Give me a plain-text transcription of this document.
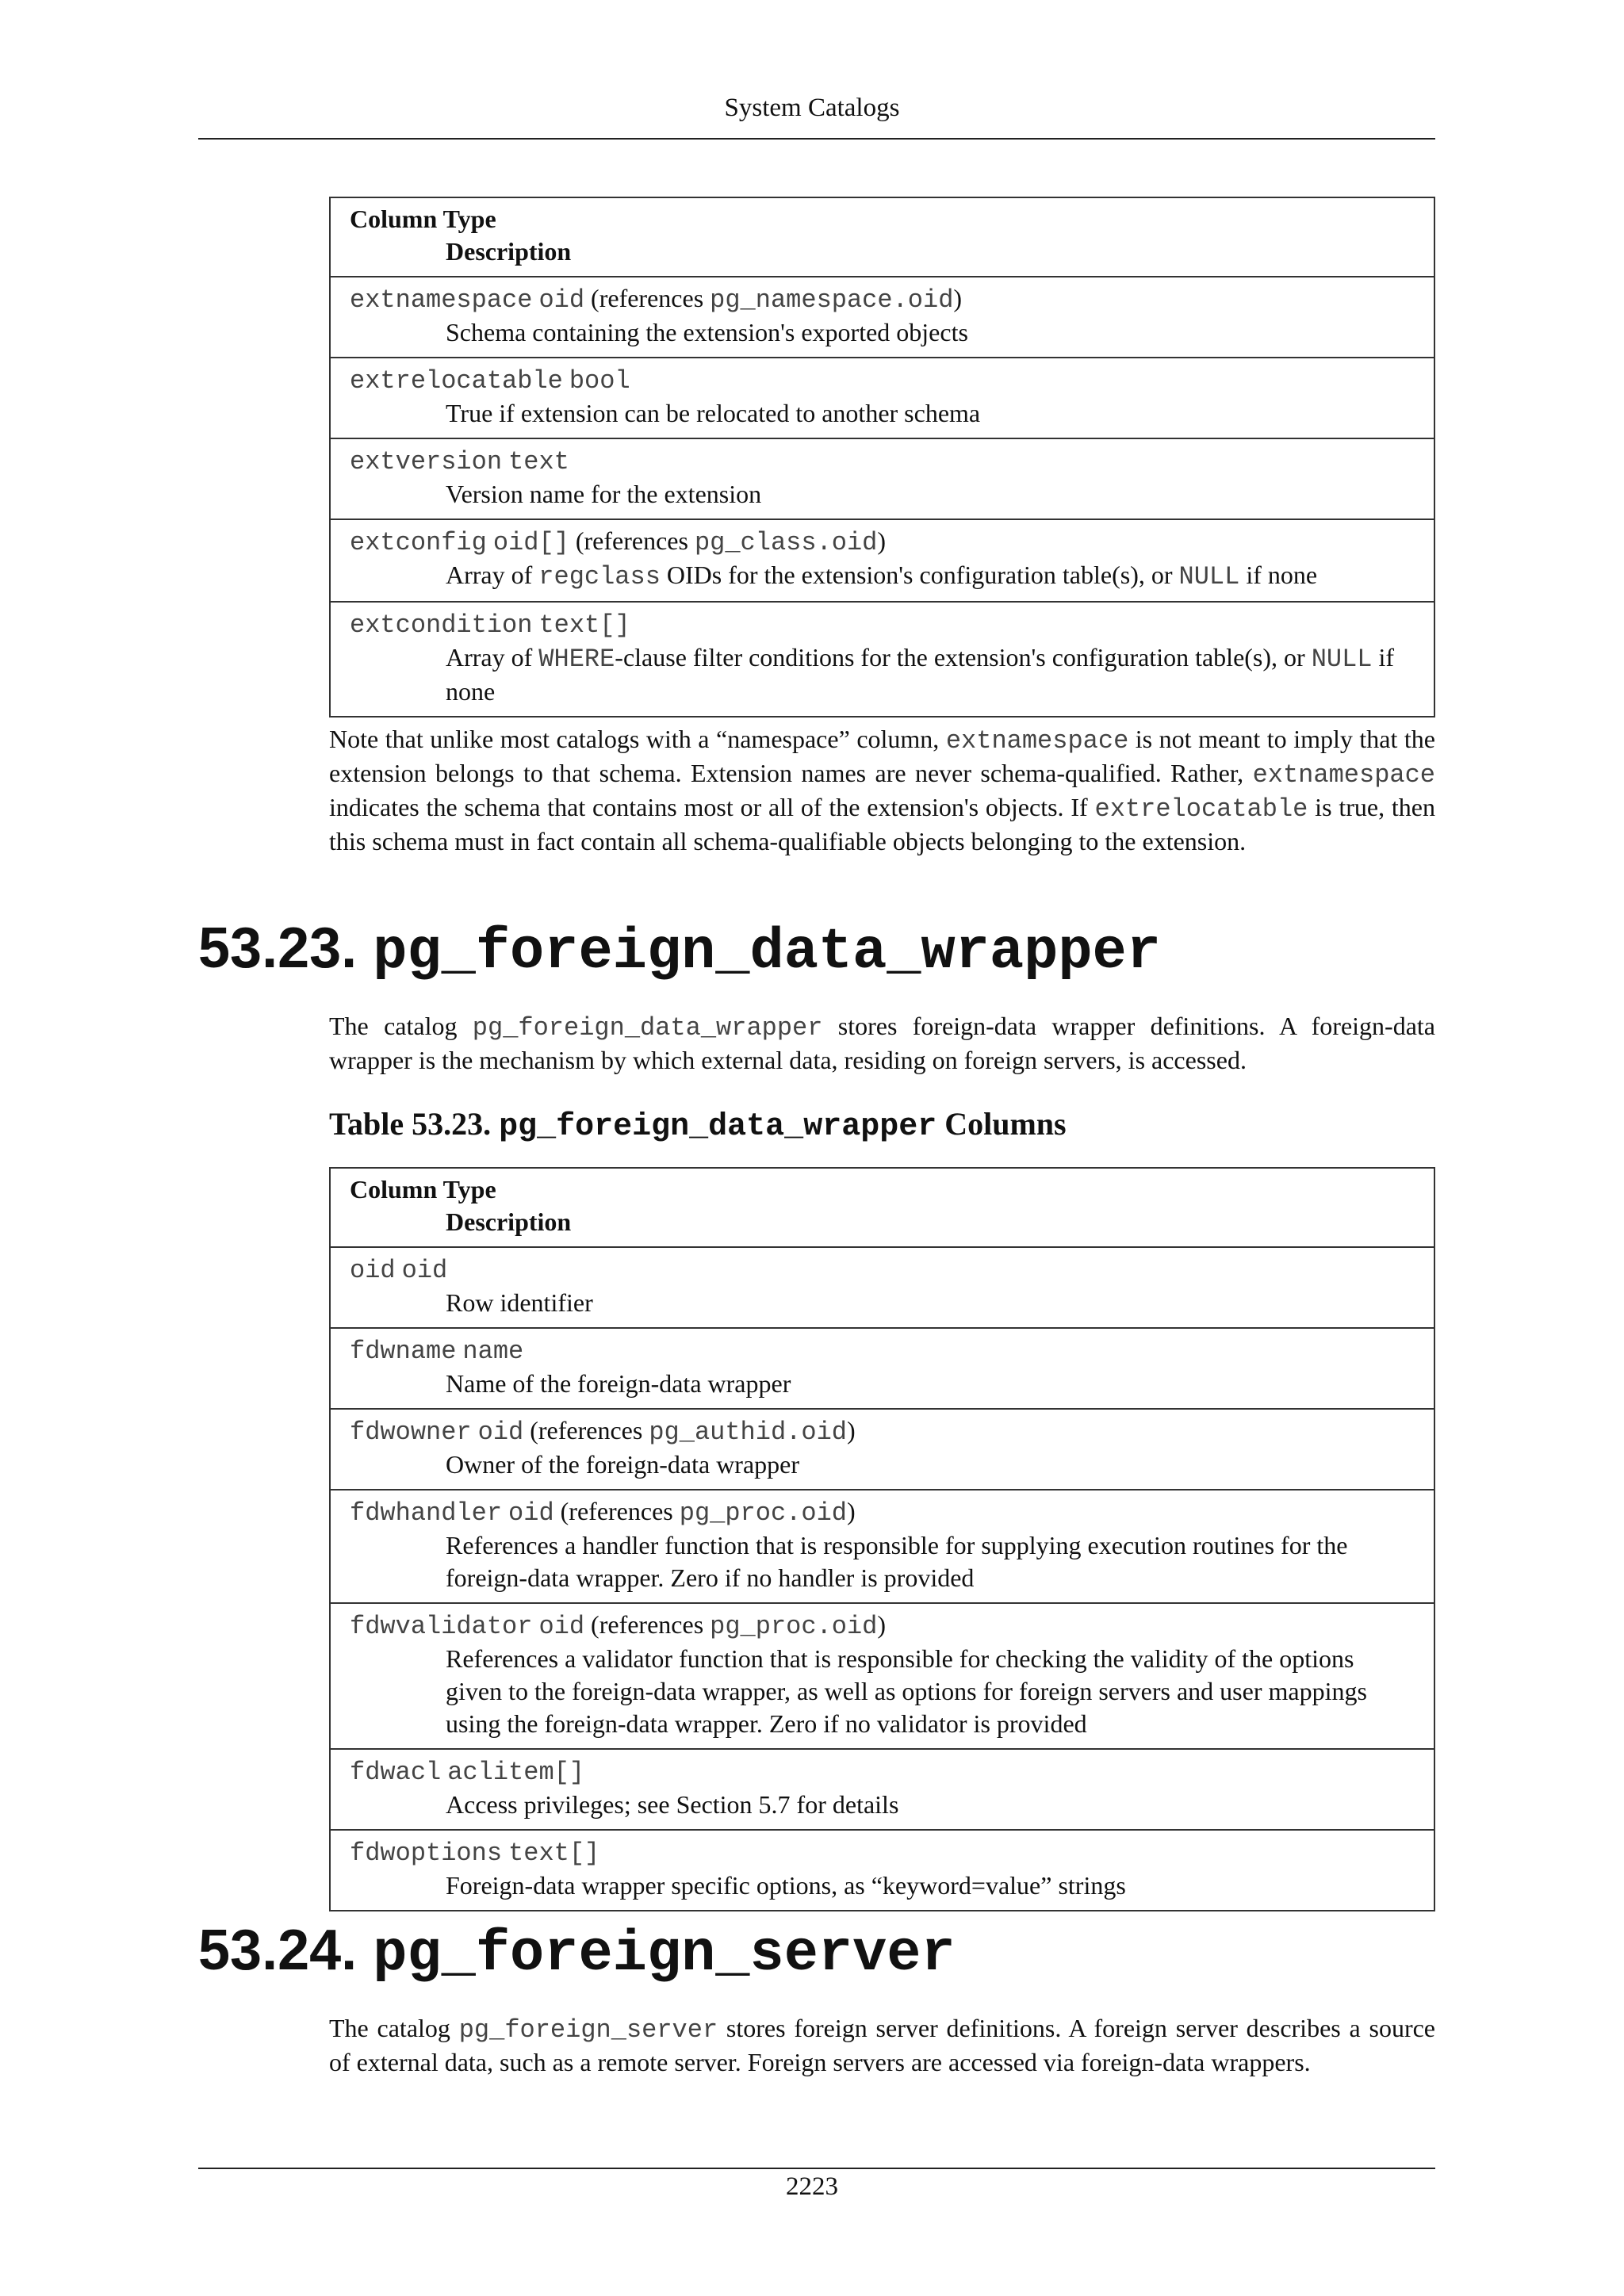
System Catalogs
Column Type
Description

extnamespace oid (references pg_namespace.oid)
Schema containing the extension's exported objects

extrelocatable bool
True if extension can be relocated to another schema

extversion text
Version name for the extension

extconfig oid[] (references pg_class.oid)
Array of regclass OIDs for the extension's configuration table(s), or NULL if none

extcondition text[]
Array of WHERE-clause filter conditions for the extension's configuration table(s), or NULL if none

Note that unlike most catalogs with a “namespace” column, extnamespace is not meant to imply that the extension belongs to that schema. Extension names are never schema-qualified. Rather, extnamespace indicates the schema that contains most or all of the extension's objects. If extrelocatable is true, then this schema must in fact contain all schema-qualifiable objects belonging to the extension.

53.23. pg_foreign_data_wrapper

The catalog pg_foreign_data_wrapper stores foreign-data wrapper definitions. A foreign-data wrapper is the mechanism by which external data, residing on foreign servers, is accessed.

Table 53.23. pg_foreign_data_wrapper Columns
Column Type
Description

oid oid
Row identifier

fdwname name
Name of the foreign-data wrapper

fdwowner oid (references pg_authid.oid)
Owner of the foreign-data wrapper

fdwhandler oid (references pg_proc.oid)
References a handler function that is responsible for supplying execution routines for the foreign-data wrapper. Zero if no handler is provided

fdwvalidator oid (references pg_proc.oid)
References a validator function that is responsible for checking the validity of the options given to the foreign-data wrapper, as well as options for foreign servers and user mappings using the foreign-data wrapper. Zero if no validator is provided

fdwacl aclitem[]
Access privileges; see Section 5.7 for details

fdwoptions text[]
Foreign-data wrapper specific options, as “keyword=value” strings
53.24. pg_foreign_server

The catalog pg_foreign_server stores foreign server definitions. A foreign server describes a source of external data, such as a remote server. Foreign servers are accessed via foreign-data wrappers.

2223
